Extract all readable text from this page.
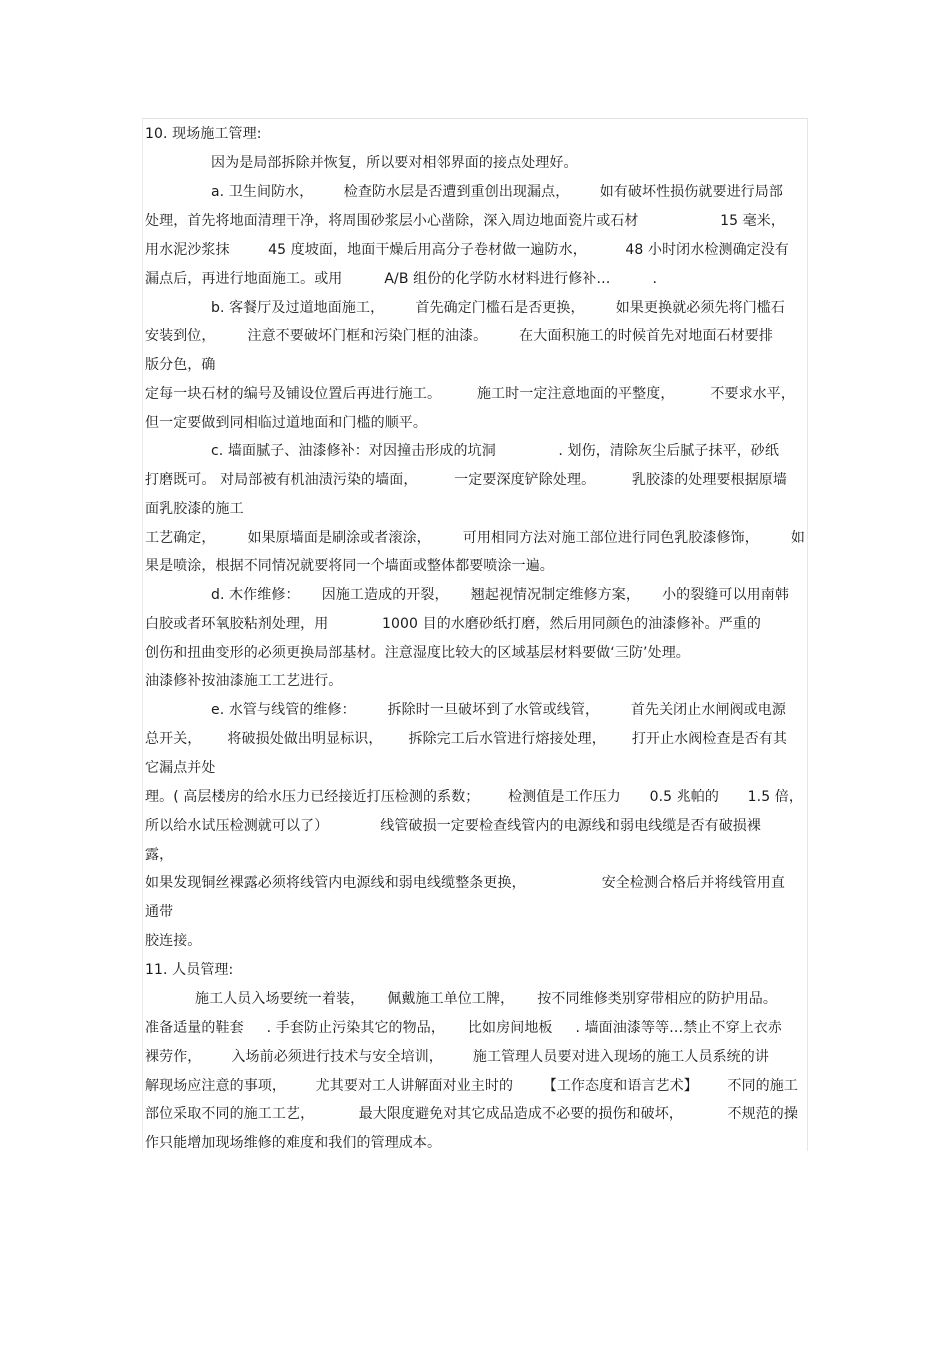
10. 现场施工管理:
因为是局部拆除并恢复，所以要对相邻界面的接点处理好。
a. 卫生间防水， 检查防水层是否遭到重创出现漏点， 如有破坏性损伤就要进行局部
处理，首先将地面清理干净，将周围砂浆层小心凿除，深入周边地面瓷片或石材	15 毫米，
用水泥沙浆抹	45 度坡面，地面干燥后用高分子卷材做一遍防水，	48 小时闭水检测确定没有
漏点后，再进行地面施工。或用	A/B 组份的化学防水材料进行修补…	.
b. 客餐厅及过道地面施工， 首先确定门槛石是否更换， 如果更换就必须先将门槛石
安装到位， 注意不要破坏门框和污染门框的油漆。 在大面积施工的时候首先对地面石材要排
版分色，确
定每一块石材的编号及铺设位置后再进行施工。	施工时一定注意地面的平整度，	不要求水平，
但一定要做到同相临过道地面和门槛的顺平。
c. 墙面腻子、油漆修补：对因撞击形成的坑洞	. 划伤，清除灰尘后腻子抹平，砂纸
打磨既可。 对局部被有机油渍污染的墙面，	一定要深度铲除处理。	乳胶漆的处理要根据原墙
面乳胶漆的施工
工艺确定， 如果原墙面是刷涂或者滚涂， 可用相同方法对施工部位进行同色乳胶漆修饰， 如
果是喷涂，根据不同情况就要将同一个墙面或整体都要喷涂一遍。
d. 木作维修： 因施工造成的开裂， 翘起视情况制定维修方案， 小的裂缝可以用南韩
白胶或者环氧胶粘剂处理，用	1000 目的水磨砂纸打磨，然后用同颜色的油漆修补。严重的
创伤和扭曲变形的必须更换局部基材。注意湿度比较大的区域基层材料要做‘三防’处理。
油漆修补按油漆施工工艺进行。
e. 水管与线管的维修： 拆除时一旦破坏到了水管或线管， 首先关闭止水闸阀或电源
总开关， 将破损处做出明显标识， 拆除完工后水管进行熔接处理， 打开止水阀检查是否有其
它漏点并处
理。( 高层楼房的给水压力已经接近打压检测的系数； 检测值是工作压力 0.5 兆帕的 1.5 倍，
所以给水试压检测就可以了）	线管破损一定要检查线管内的电源线和弱电线缆是否有破损裸
露，
如果发现铜丝裸露必须将线管内电源线和弱电线缆整条更换，	安全检测合格后并将线管用直
通带
胶连接。
11. 人员管理:
施工人员入场要统一着装， 佩戴施工单位工牌， 按不同维修类别穿带相应的防护用品。
准备适量的鞋套 . 手套防止污染其它的物品， 比如房间地板 . 墙面油漆等等…禁止不穿上衣赤
裸劳作， 入场前必须进行技术与安全培训， 施工管理人员要对进入现场的施工人员系统的讲
解现场应注意的事项， 尤其要对工人讲解面对业主时的 【工作态度和语言艺术】 不同的施工
部位采取不同的施工工艺，	最大限度避免对其它成品造成不必要的损伤和破坏，	不规范的操
作只能增加现场维修的难度和我们的管理成本。
